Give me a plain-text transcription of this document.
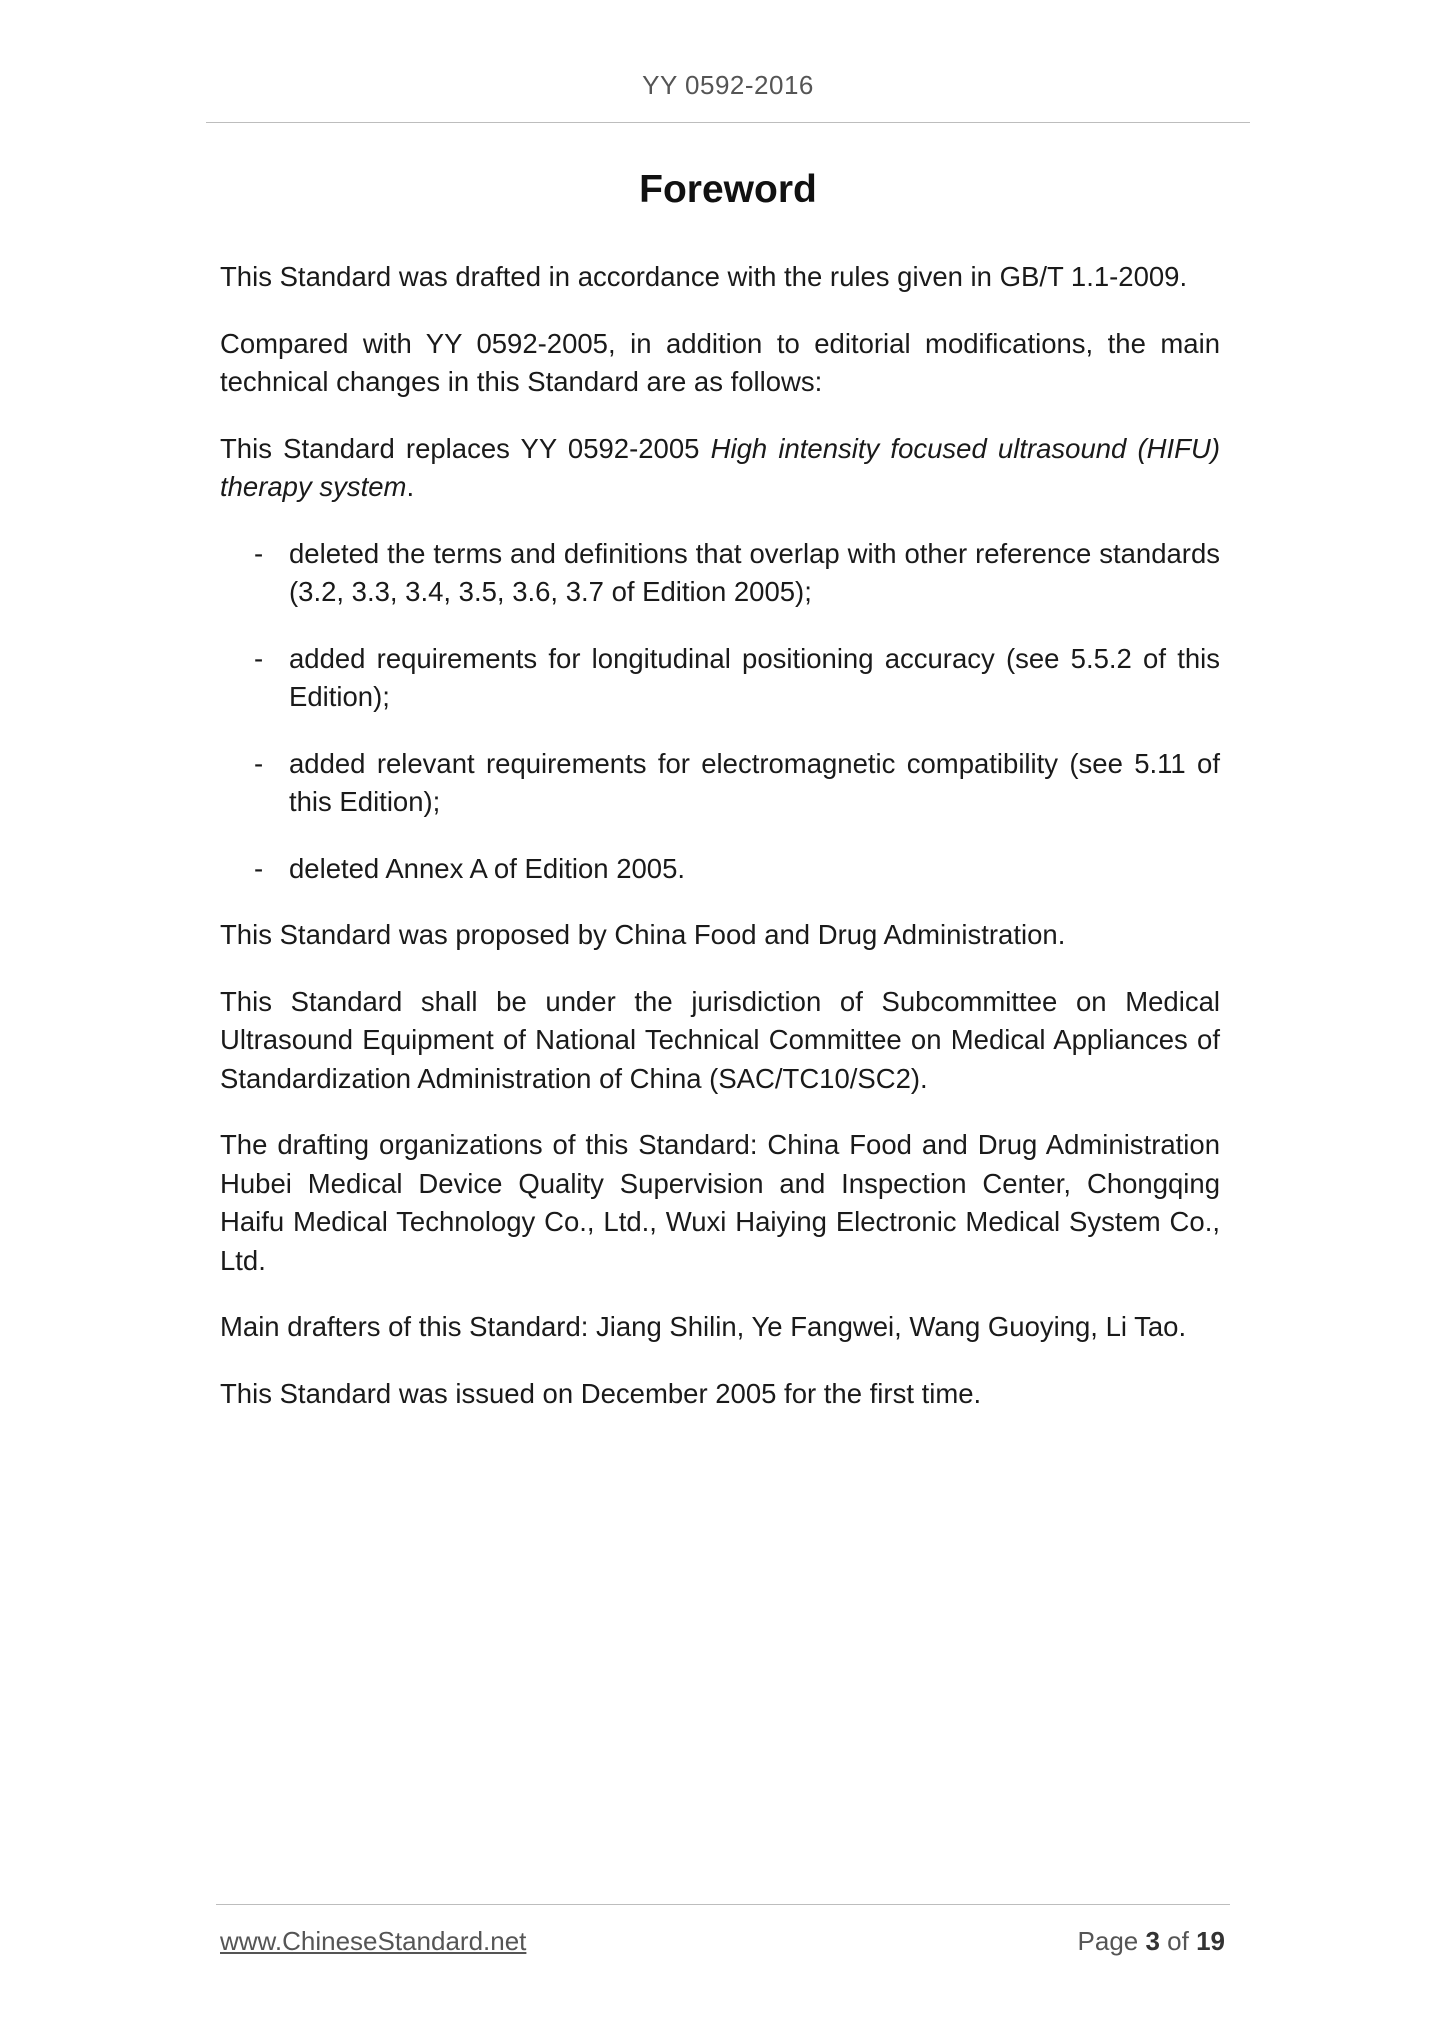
YY 0592-2016
Foreword

This Standard was drafted in accordance with the rules given in GB/T 1.1-2009.

Compared with YY 0592-2005, in addition to editorial modifications, the main technical changes in this Standard are as follows:

This Standard replaces YY 0592-2005 High intensity focused ultrasound (HIFU) therapy system.

- deleted the terms and definitions that overlap with other reference standards (3.2, 3.3, 3.4, 3.5, 3.6, 3.7 of Edition 2005);
- added requirements for longitudinal positioning accuracy (see 5.5.2 of this Edition);
- added relevant requirements for electromagnetic compatibility (see 5.11 of this Edition);
- deleted Annex A of Edition 2005.

This Standard was proposed by China Food and Drug Administration.

This Standard shall be under the jurisdiction of Subcommittee on Medical Ultrasound Equipment of National Technical Committee on Medical Appliances of Standardization Administration of China (SAC/TC10/SC2).

The drafting organizations of this Standard: China Food and Drug Administration Hubei Medical Device Quality Supervision and Inspection Center, Chongqing Haifu Medical Technology Co., Ltd., Wuxi Haiying Electronic Medical System Co., Ltd.

Main drafters of this Standard: Jiang Shilin, Ye Fangwei, Wang Guoying, Li Tao.

This Standard was issued on December 2005 for the first time.

www.ChineseStandard.net	Page 3 of 19
